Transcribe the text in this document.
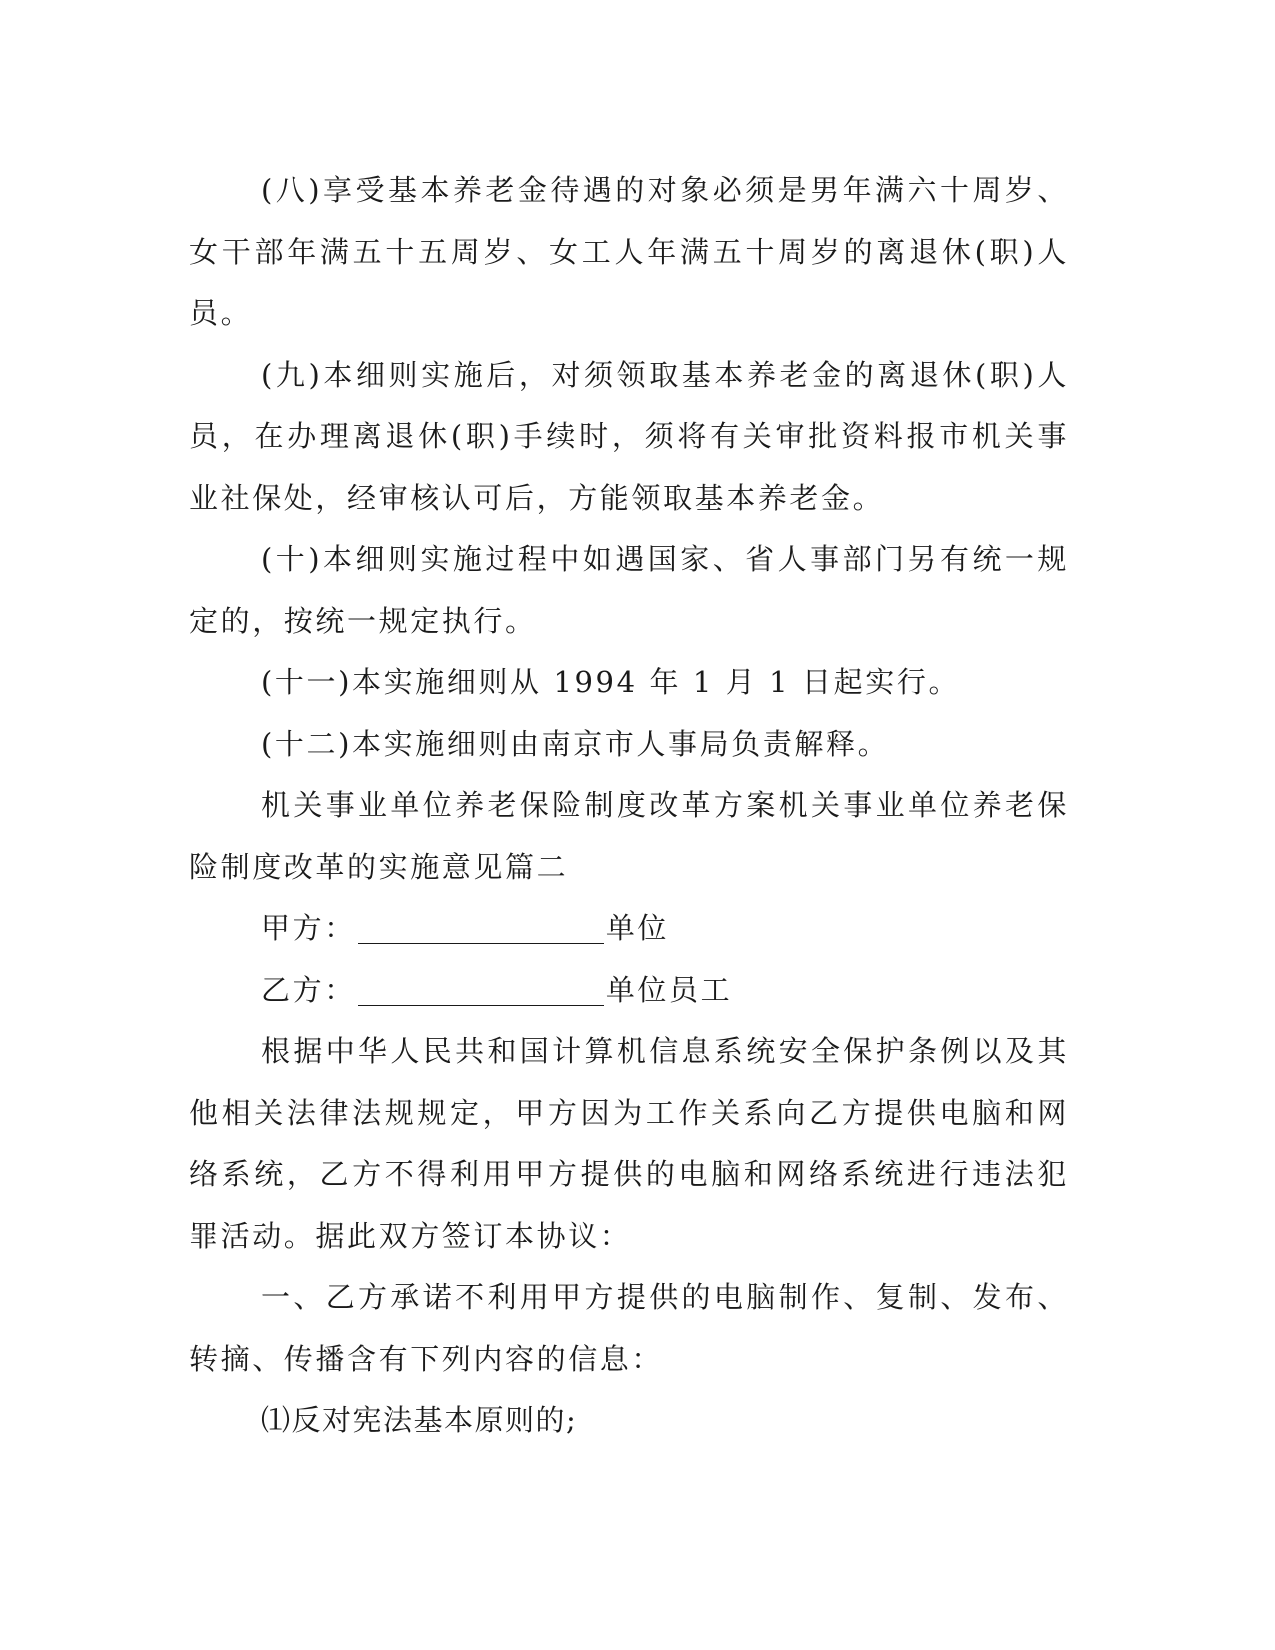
(八)享受基本养老金待遇的对象必须是男年满六十周岁、女干部年满五十五周岁、女工人年满五十周岁的离退休(职)人员。

(九)本细则实施后，对须领取基本养老金的离退休(职)人员，在办理离退休(职)手续时，须将有关审批资料报市机关事业社保处，经审核认可后，方能领取基本养老金。

(十)本细则实施过程中如遇国家、省人事部门另有统一规定的，按统一规定执行。

(十一)本实施细则从 1994 年 1 月 1 日起实行。

(十二)本实施细则由南京市人事局负责解释。

机关事业单位养老保险制度改革方案机关事业单位养老保险制度改革的实施意见篇二

甲方：	单位

乙方：	单位员工

根据中华人民共和国计算机信息系统安全保护条例以及其他相关法律法规规定，甲方因为工作关系向乙方提供电脑和网络系统，乙方不得利用甲方提供的电脑和网络系统进行违法犯罪活动。据此双方签订本协议：

一、乙方承诺不利用甲方提供的电脑制作、复制、发布、转摘、传播含有下列内容的信息：

⑴反对宪法基本原则的;
